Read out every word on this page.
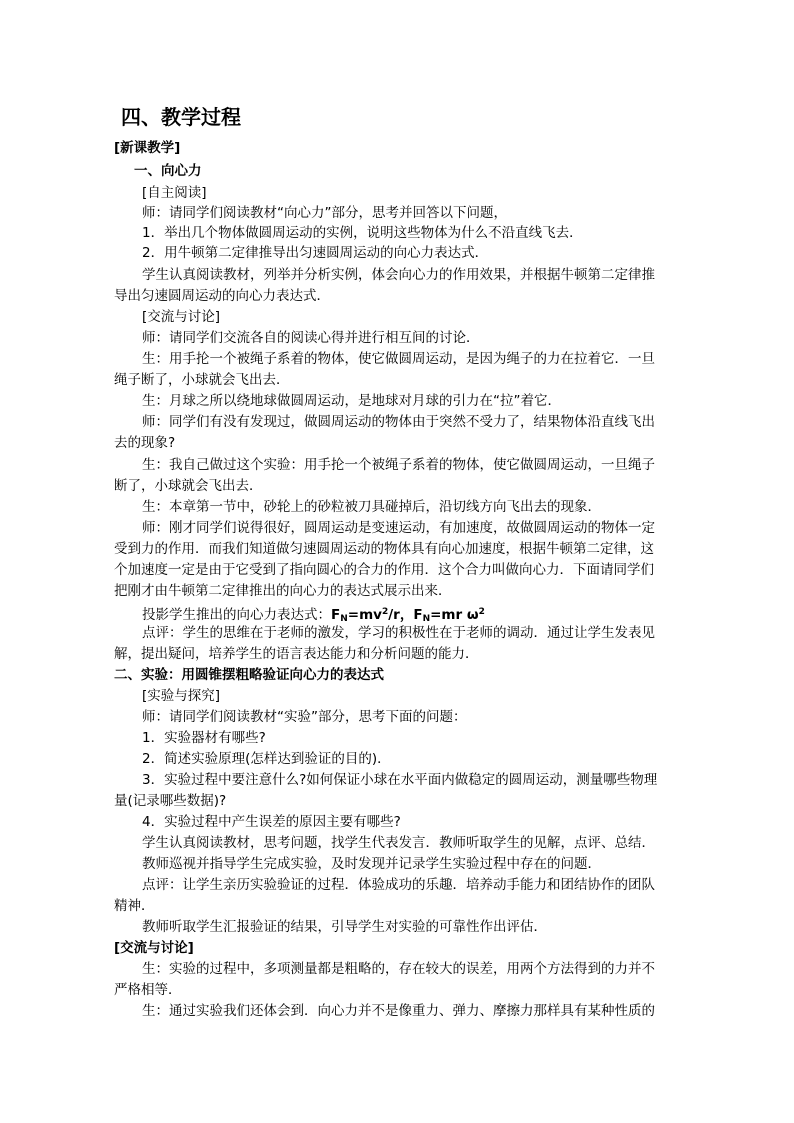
四、教学过程
[新课教学]
一、向心力
[自主阅读]
师：请同学们阅读教材“向心力”部分，思考并回答以下问题，
1．举出几个物体做圆周运动的实例，说明这些物体为什么不沿直线飞去．
2．用牛顿第二定律推导出匀速圆周运动的向心力表达式．
学生认真阅读教材，列举并分析实例，体会向心力的作用效果，并根据牛顿第二定律推
导出匀速圆周运动的向心力表达式．
[交流与讨论]
师：请同学们交流各自的阅读心得并进行相互间的讨论．
生：用手抡一个被绳子系着的物体，使它做圆周运动，是因为绳子的力在拉着它．一旦
绳子断了，小球就会飞出去．
生：月球之所以绕地球做圆周运动，是地球对月球的引力在“拉”着它．
师：同学们有没有发现过，做圆周运动的物体由于突然不受力了，结果物体沿直线飞出
去的现象?
生：我自己做过这个实验：用手抡一个被绳子系着的物体，使它做圆周运动，一旦绳子
断了，小球就会飞出去．
生：本章第一节中，砂轮上的砂粒被刀具碰掉后，沿切线方向飞出去的现象．
师：刚才同学们说得很好，圆周运动是变速运动，有加速度，故做圆周运动的物体一定
受到力的作用．而我们知道做匀速圆周运动的物体具有向心加速度，根据牛顿第二定律，这
个加速度一定是由于它受到了指向圆心的合力的作用．这个合力叫做向心力．下面请同学们
把刚才由牛顿第二定律推出的向心力的表达式展示出来．
投影学生推出的向心力表达式：$F_N=mv^2/r$，$F_N=mr$ $\omega^2$
点评：学生的思维在于老师的激发，学习的积极性在于老师的调动．通过让学生发表见
解，提出疑问，培养学生的语言表达能力和分析问题的能力．
二、实验：用圆锥摆粗略验证向心力的表达式
[实验与探究]
师：请同学们阅读教材“实验”部分，思考下面的问题：
1．实验器材有哪些?
2．简述实验原理(怎样达到验证的目的)．
3．实验过程中要注意什么?如何保证小球在水平面内做稳定的圆周运动，测量哪些物理
量(记录哪些数据)?
4．实验过程中产生误差的原因主要有哪些?
学生认真阅读教材，思考问题，找学生代表发言．教师听取学生的见解，点评、总结．
教师巡视并指导学生完成实验，及时发现并记录学生实验过程中存在的问题．
点评：让学生亲历实验验证的过程．体验成功的乐趣．培养动手能力和团结协作的团队
精神．
教师听取学生汇报验证的结果，引导学生对实验的可靠性作出评估．
[交流与讨论]
生：实验的过程中，多项测量都是粗略的，存在较大的误差，用两个方法得到的力并不
严格相等．
生：通过实验我们还体会到．向心力并不是像重力、弹力、摩擦力那样具有某种性质的
